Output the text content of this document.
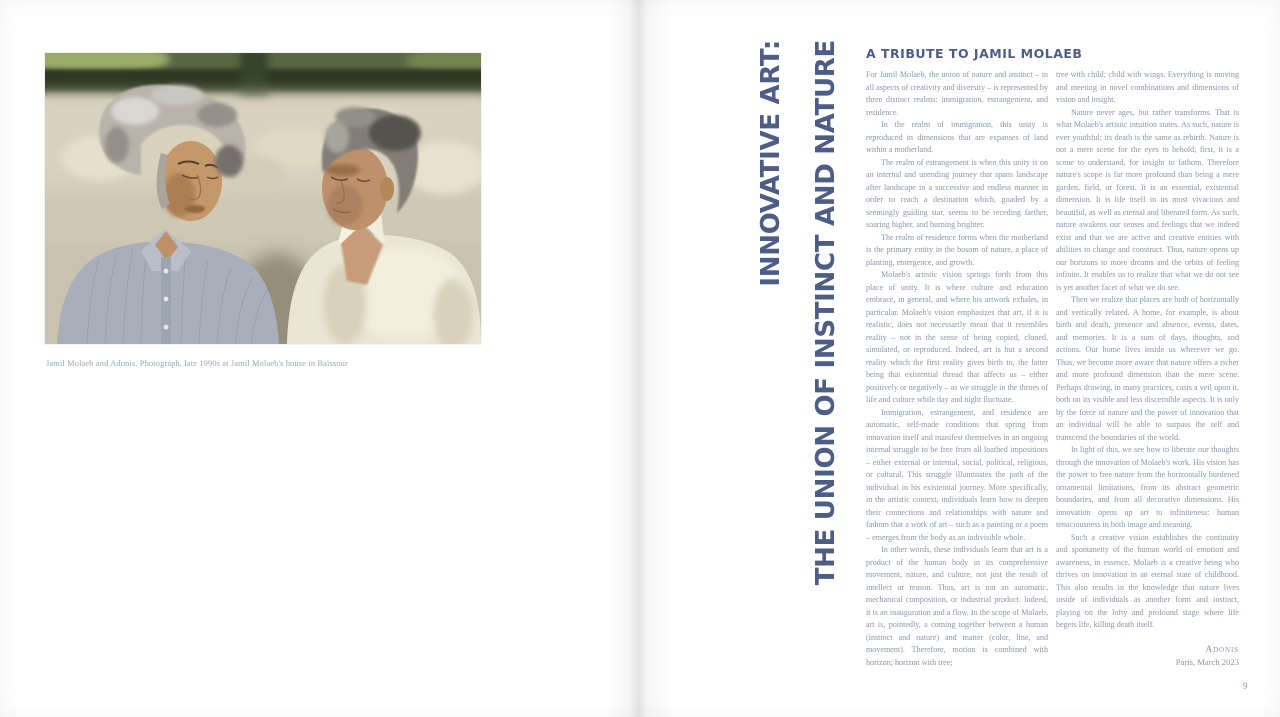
Jamil Molaeb and Adonis. Photograph, late 1990s at Jamil Molaeb's house in Baissour
INNOVATIVE ART: THE UNION OF INSTINCT AND NATURE	A TRIBUTE TO JAMIL MOLAEB

For Jamil Molaeb, the union of nature and instinct – in all aspects of creativity and diversity – is represented by three distinct realms: immigration, estrangement, and residence.

In the realm of immigration, this unity is reproduced in dimensions that are expanses of land within a motherland.

The realm of estrangement is when this unity is on an internal and unending journey that spans landscape after landscape in a successive and endless manner in order to reach a destination which, goaded by a seemingly guiding star, seems to be receding farther, soaring higher, and burning brighter.

The realm of residence forms when the motherland is the primary entity in the bosom of nature, a place of planting, emergence, and growth.

Molaeb's artistic vision springs forth from this place of unity. It is where culture and education embrace, in general, and where his artwork exhales, in particular. Molaeb's vision emphasizes that art, if it is realistic, does not necessarily mean that it resembles reality – not in the sense of being copied, cloned, simulated, or reproduced. Indeed, art is but a second reality which the first reality gives birth to, the latter being that existential thread that affects us – either positively or negatively – as we struggle in the throes of life and culture while day and night fluctuate.

Immigration, estrangement, and residence are automatic, self-made conditions that spring from innovation itself and manifest themselves in an ongoing internal struggle to be free from all loathed impositions – either external or internal, social, political, religious, or cultural. This struggle illuminates the path of the individual in his existential journey. More specifically, in the artistic context, individuals learn how to deepen their connections and relationships with nature and fathom that a work of art – such as a painting or a poem – emerges from the body as an indivisible whole.

In other words, these individuals learn that art is a product of the human body in its comprehensive movement, nature, and culture, not just the result of intellect or reason. Thus, art is not an automatic, mechanical composition, or industrial product. Indeed, it is an inauguration and a flow. In the scope of Molaeb, art is, pointedly, a coming together between a human (instinct and nature) and matter (color, line, and movement). Therefore, motion is combined with horizon; horizon with tree;

tree with child; child with wings. Everything is moving and meeting in novel combinations and dimensions of vision and insight.

Nature never ages, but rather transforms. That is what Molaeb's artistic intuition states. As such, nature is ever youthful; its death is the same as rebirth. Nature is not a mere scene for the eyes to behold; first, it is a scene to understand, for insight to fathom. Therefore nature's scope is far more profound than being a mere garden, field, or forest. It is an essential, existential dimension. It is life itself in its most vivacious and beautiful, as well as eternal and liberated form. As such, nature awakens our senses and feelings that we indeed exist and that we are active and creative entities with abilities to change and construct. Thus, nature opens up our horizons to more dreams and the orbits of feeling infinite. It enables us to realize that what we do not see is yet another facet of what we do see.

Then we realize that places are both of horizontally and vertically related. A home, for example, is about birth and death, presence and absence, events, dates, and memories. It is a sum of days, thoughts, and actions. Our home lives inside us wherever we go. Thus, we become more aware that nature offers a richer and more profound dimension than the mere scene. Perhaps drawing, in many practices, casts a veil upon it, both on its visible and less discernible aspects. It is only by the force of nature and the power of innovation that an individual will be able to surpass the self and transcend the boundaries of the world.

In light of this, we see how to liberate our thoughts through the innovation of Molaeb's work. His vision has the power to free nature from the horizontally burdened ornamental limitations, from its abstract geometric boundaries, and from all decorative dimensions. His innovation opens up art to infiniteness: human tenaciousness in both image and meaning.

Such a creative vision establishes the continuity and spontaneity of the human world of emotion and awareness, in essence, Molaeb is a creative being who thrives on innovation in an eternal state of childhood. This also results in the knowledge that nature lives inside of individuals as another form and instinct, playing on the lofty and profound stage where life begets life, killing death itself.

Adonis
Paris, March 2023
9
